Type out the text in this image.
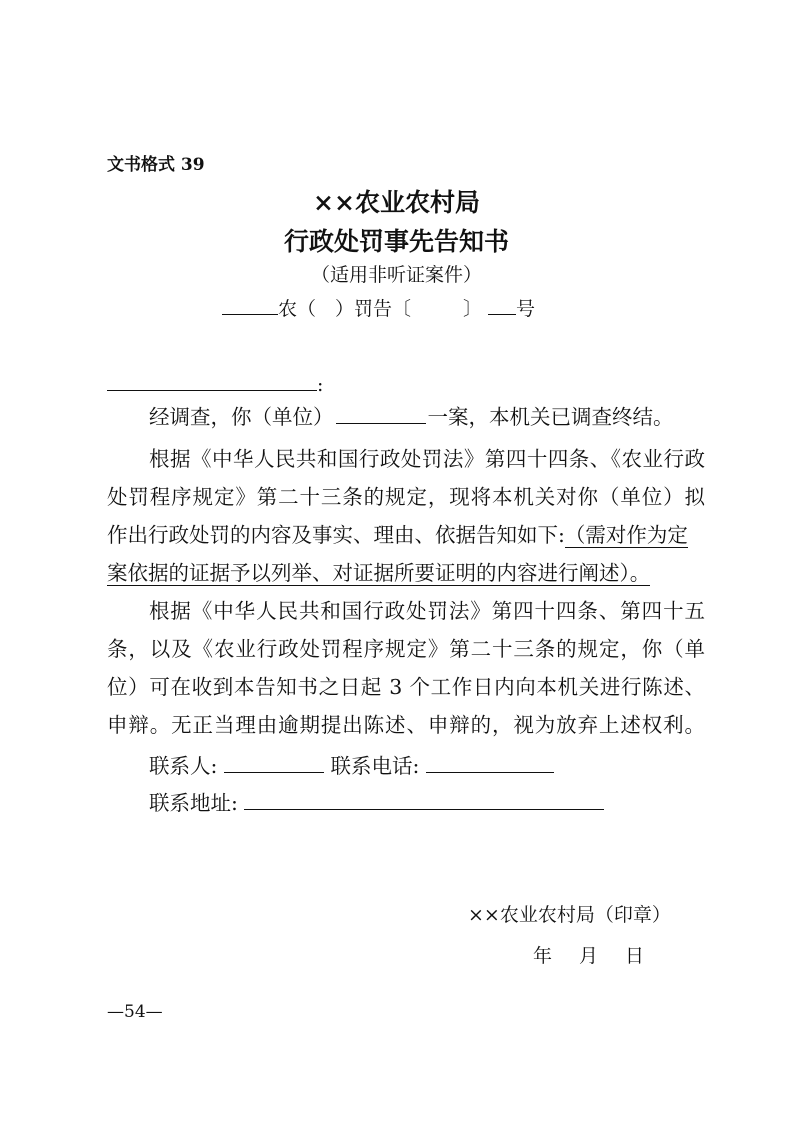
文书格式 39
××农业农村局
行政处罚事先告知书
（适用非听证案件）
农（　）罚告〔	〕 号
:
经调查，你（单位）	一案，本机关已调查终结。
根据《中华人民共和国行政处罚法》第四十四条、《农业行政
处罚程序规定》第二十三条的规定，现将本机关对你（单位）拟
作出行政处罚的内容及事实、理由、依据告知如下:（需对作为定
案依据的证据予以列举、对证据所要证明的内容进行阐述）。
根据《中华人民共和国行政处罚法》第四十四条、第四十五
条，以及《农业行政处罚程序规定》第二十三条的规定，你（单
位）可在收到本告知书之日起 3 个工作日内向本机关进行陈述、
申辩。无正当理由逾期提出陈述、申辩的，视为放弃上述权利。
联系人:	联系电话:
联系地址:
××农业农村局（印章）
年　月　日
—54—
